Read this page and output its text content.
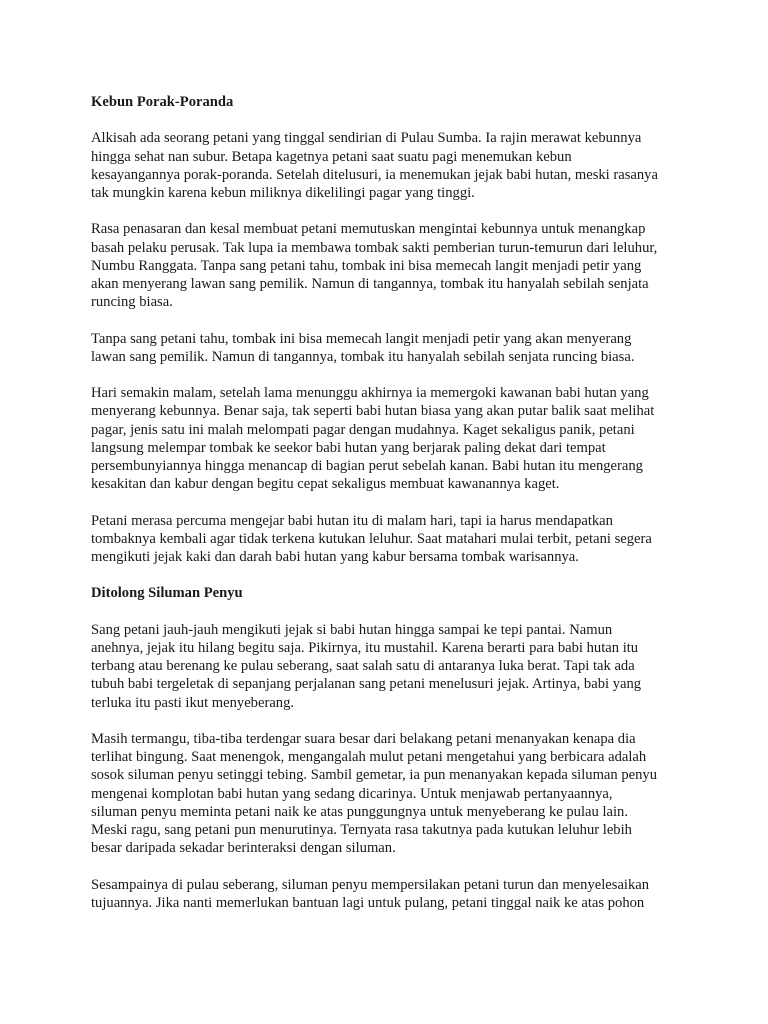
Kebun Porak-Poranda
Alkisah ada seorang petani yang tinggal sendirian di Pulau Sumba. Ia rajin merawat kebunnya
hingga sehat nan subur. Betapa kagetnya petani saat suatu pagi menemukan kebun
kesayangannya porak-poranda. Setelah ditelusuri, ia menemukan jejak babi hutan, meski rasanya
tak mungkin karena kebun miliknya dikelilingi pagar yang tinggi.
Rasa penasaran dan kesal membuat petani memutuskan mengintai kebunnya untuk menangkap
basah pelaku perusak. Tak lupa ia membawa tombak sakti pemberian turun-temurun dari leluhur,
Numbu Ranggata. Tanpa sang petani tahu, tombak ini bisa memecah langit menjadi petir yang
akan menyerang lawan sang pemilik. Namun di tangannya, tombak itu hanyalah sebilah senjata
runcing biasa.
Tanpa sang petani tahu, tombak ini bisa memecah langit menjadi petir yang akan menyerang
lawan sang pemilik. Namun di tangannya, tombak itu hanyalah sebilah senjata runcing biasa.
Hari semakin malam, setelah lama menunggu akhirnya ia memergoki kawanan babi hutan yang
menyerang kebunnya. Benar saja, tak seperti babi hutan biasa yang akan putar balik saat melihat
pagar, jenis satu ini malah melompati pagar dengan mudahnya. Kaget sekaligus panik, petani
langsung melempar tombak ke seekor babi hutan yang berjarak paling dekat dari tempat
persembunyiannya hingga menancap di bagian perut sebelah kanan. Babi hutan itu mengerang
kesakitan dan kabur dengan begitu cepat sekaligus membuat kawanannya kaget.
Petani merasa percuma mengejar babi hutan itu di malam hari, tapi ia harus mendapatkan
tombaknya kembali agar tidak terkena kutukan leluhur. Saat matahari mulai terbit, petani segera
mengikuti jejak kaki dan darah babi hutan yang kabur bersama tombak warisannya.
Ditolong Siluman Penyu
Sang petani jauh-jauh mengikuti jejak si babi hutan hingga sampai ke tepi pantai. Namun
anehnya, jejak itu hilang begitu saja. Pikirnya, itu mustahil. Karena berarti para babi hutan itu
terbang atau berenang ke pulau seberang, saat salah satu di antaranya luka berat. Tapi tak ada
tubuh babi tergeletak di sepanjang perjalanan sang petani menelusuri jejak. Artinya, babi yang
terluka itu pasti ikut menyeberang.
Masih termangu, tiba-tiba terdengar suara besar dari belakang petani menanyakan kenapa dia
terlihat bingung. Saat menengok, mengangalah mulut petani mengetahui yang berbicara adalah
sosok siluman penyu setinggi tebing. Sambil gemetar, ia pun menanyakan kepada siluman penyu
mengenai komplotan babi hutan yang sedang dicarinya. Untuk menjawab pertanyaannya,
siluman penyu meminta petani naik ke atas punggungnya untuk menyeberang ke pulau lain.
Meski ragu, sang petani pun menurutinya. Ternyata rasa takutnya pada kutukan leluhur lebih
besar daripada sekadar berinteraksi dengan siluman.
Sesampainya di pulau seberang, siluman penyu mempersilakan petani turun dan menyelesaikan
tujuannya. Jika nanti memerlukan bantuan lagi untuk pulang, petani tinggal naik ke atas pohon
